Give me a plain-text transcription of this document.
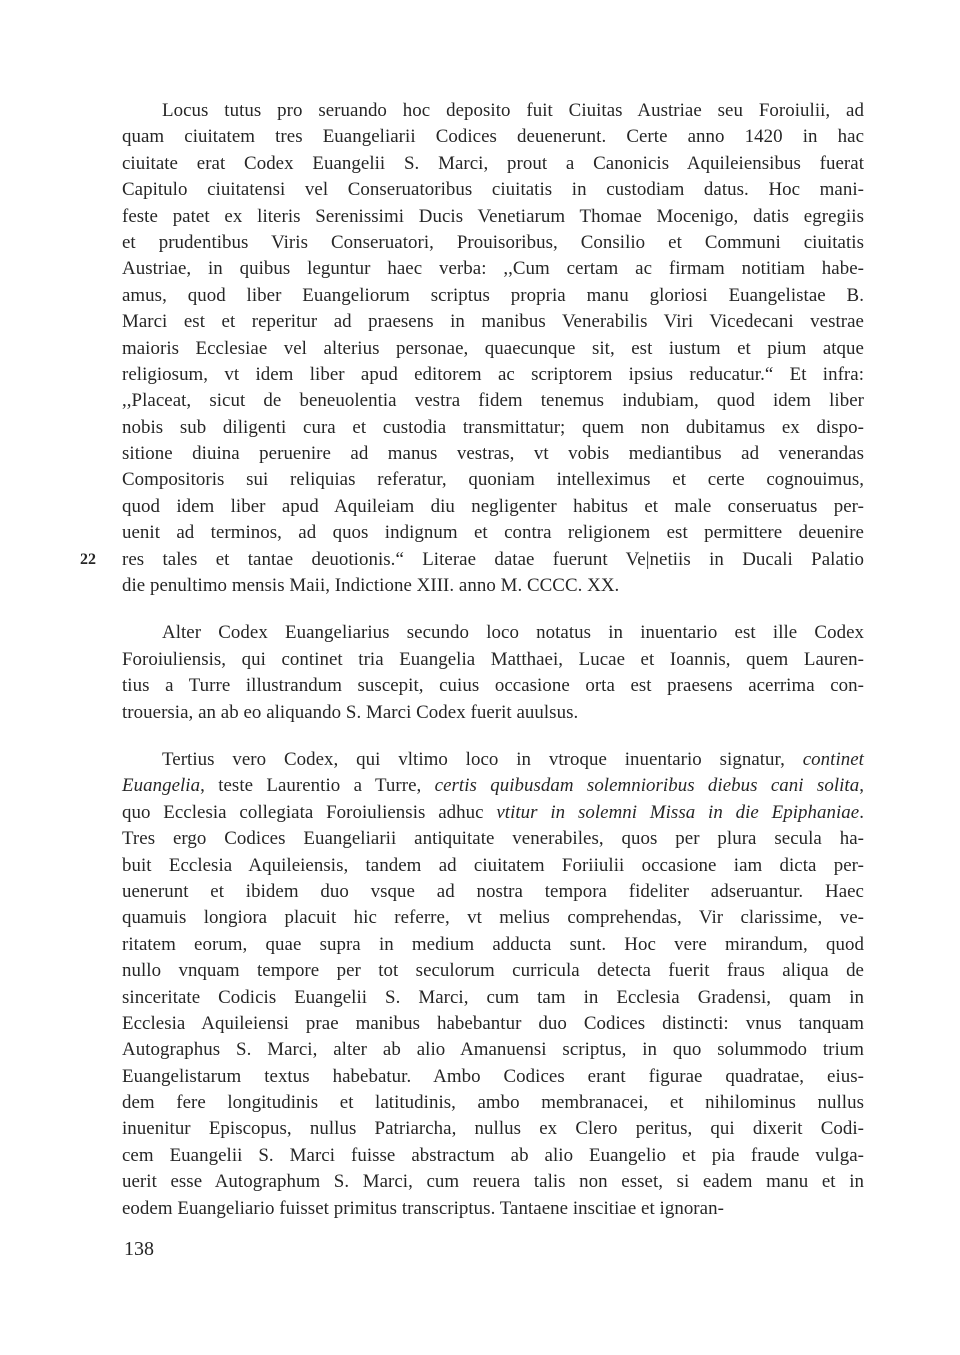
22
Locus tutus pro seruando hoc deposito fuit Ciuitas Austriae seu Foroiulii, ad
quam ciuitatem tres Euangeliarii Codices deuenerunt. Certe anno 1420 in hac
ciuitate erat Codex Euangelii S. Marci, prout a Canonicis Aquileiensibus fuerat
Capitulo ciuitatensi vel Conseruatoribus ciuitatis in custodiam datus. Hoc mani-
feste patet ex literis Serenissimi Ducis Venetiarum Thomae Mocenigo, datis egregiis
et prudentibus Viris Conseruatori, Prouisoribus, Consilio et Communi ciuitatis
Austriae, in quibus leguntur haec verba: ,,Cum certam ac firmam notitiam habe-
amus, quod liber Euangeliorum scriptus propria manu gloriosi Euangelistae B.
Marci est et reperitur ad praesens in manibus Venerabilis Viri Vicedecani vestrae
maioris Ecclesiae vel alterius personae, quaecunque sit, est iustum et pium atque
religiosum, vt idem liber apud editorem ac scriptorem ipsius reducatur.“ Et infra:
,,Placeat, sicut de beneuolentia vestra fidem tenemus indubiam, quod idem liber
nobis sub diligenti cura et custodia transmittatur; quem non dubitamus ex dispo-
sitione diuina peruenire ad manus vestras, vt vobis mediantibus ad venerandas
Compositoris sui reliquias referatur, quoniam intelleximus et certe cognouimus,
quod idem liber apud Aquileiam diu negligenter habitus et male conseruatus per-
uenit ad terminos, ad quos indignum et contra religionem est permittere deuenire
res tales et tantae deuotionis.“ Literae datae fuerunt Ve|netiis in Ducali Palatio
die penultimo mensis Maii, Indictione XIII. anno M. CCCC. XX.
Alter Codex Euangeliarius secundo loco notatus in inuentario est ille Codex
Foroiuliensis, qui continet tria Euangelia Matthaei, Lucae et Ioannis, quem Lauren-
tius a Turre illustrandum suscepit, cuius occasione orta est praesens acerrima con-
trouersia, an ab eo aliquando S. Marci Codex fuerit auulsus.
Tertius vero Codex, qui vltimo loco in vtroque inuentario signatur, continet
Euangelia, teste Laurentio a Turre, certis quibusdam solemnioribus diebus cani solita,
quo Ecclesia collegiata Foroiuliensis adhuc vtitur in solemni Missa in die Epiphaniae.
Tres ergo Codices Euangeliarii antiquitate venerabiles, quos per plura secula ha-
buit Ecclesia Aquileiensis, tandem ad ciuitatem Foriiulii occasione iam dicta per-
uenerunt et ibidem duo vsque ad nostra tempora fideliter adseruantur. Haec
quamuis longiora placuit hic referre, vt melius comprehendas, Vir clarissime, ve-
ritatem eorum, quae supra in medium adducta sunt. Hoc vere mirandum, quod
nullo vnquam tempore per tot seculorum curricula detecta fuerit fraus aliqua de
sinceritate Codicis Euangelii S. Marci, cum tam in Ecclesia Gradensi, quam in
Ecclesia Aquileiensi prae manibus habebantur duo Codices distincti: vnus tanquam
Autographus S. Marci, alter ab alio Amanuensi scriptus, in quo solummodo trium
Euangelistarum textus habebatur. Ambo Codices erant figurae quadratae, eius-
dem fere longitudinis et latitudinis, ambo membranacei, et nihilominus nullus
inuenitur Episcopus, nullus Patriarcha, nullus ex Clero peritus, qui dixerit Codi-
cem Euangelii S. Marci fuisse abstractum ab alio Euangelio et pia fraude vulga-
uerit esse Autographum S. Marci, cum reuera talis non esset, si eadem manu et in
eodem Euangeliario fuisset primitus transcriptus. Tantaene inscitiae et ignoran-
138
